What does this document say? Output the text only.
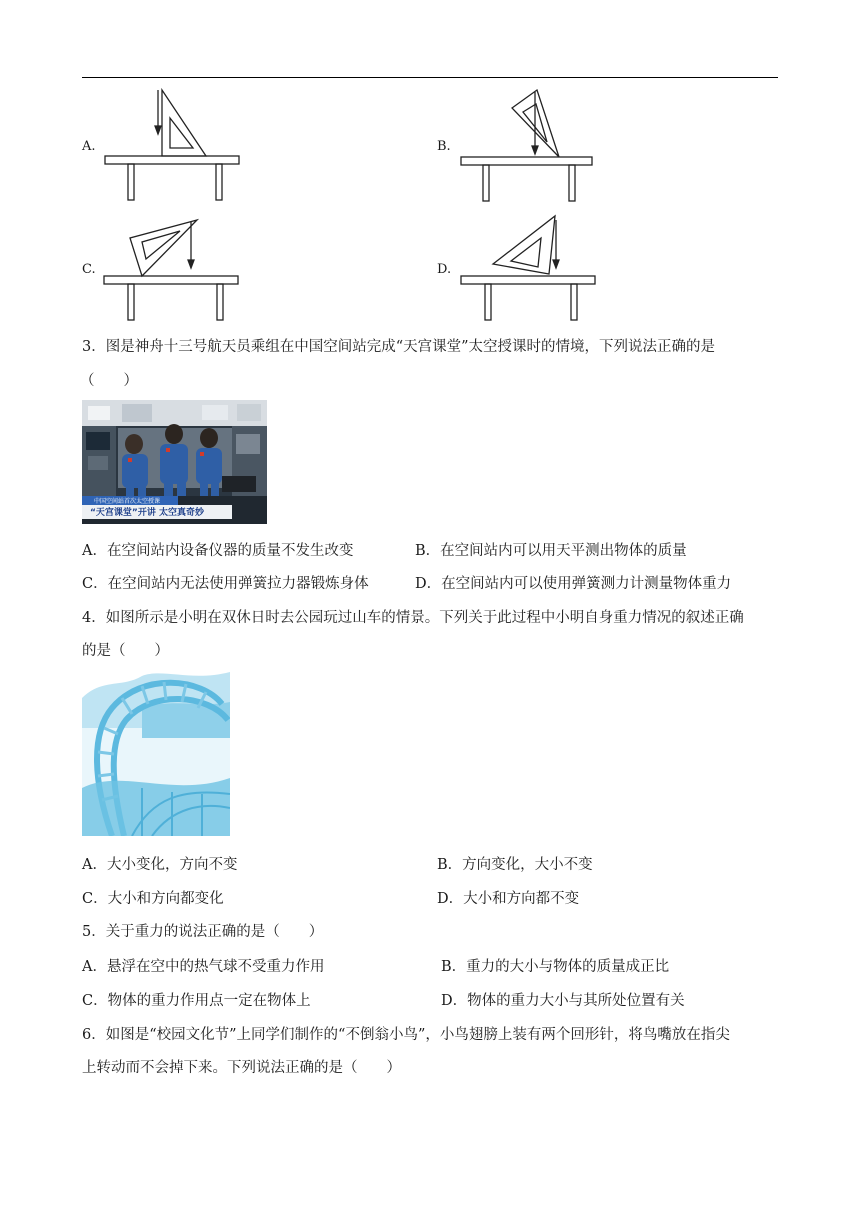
A.	B.
C.	D.
3．图是神舟十三号航天员乘组在中国空间站完成“天宫课堂”太空授课时的情境，下列说法正确的是
（　　）
中国空间站首次太空授课
“天宫课堂”开讲 太空真奇妙
A．在空间站内设备仪器的质量不发生改变	B．在空间站内可以用天平测出物体的质量
C．在空间站内无法使用弹簧拉力器锻炼身体	D．在空间站内可以使用弹簧测力计测量物体重力
4．如图所示是小明在双休日时去公园玩过山车的情景。下列关于此过程中小明自身重力情况的叙述正确
的是（　　）
A．大小变化，方向不变	B．方向变化，大小不变
C．大小和方向都变化	D．大小和方向都不变
5．关于重力的说法正确的是（　　）
A．悬浮在空中的热气球不受重力作用	B．重力的大小与物体的质量成正比
C．物体的重力作用点一定在物体上	D．物体的重力大小与其所处位置有关
6．如图是“校园文化节”上同学们制作的“不倒翁小鸟”，小鸟翅膀上装有两个回形针，将鸟嘴放在指尖
上转动而不会掉下来。下列说法正确的是（　　）
